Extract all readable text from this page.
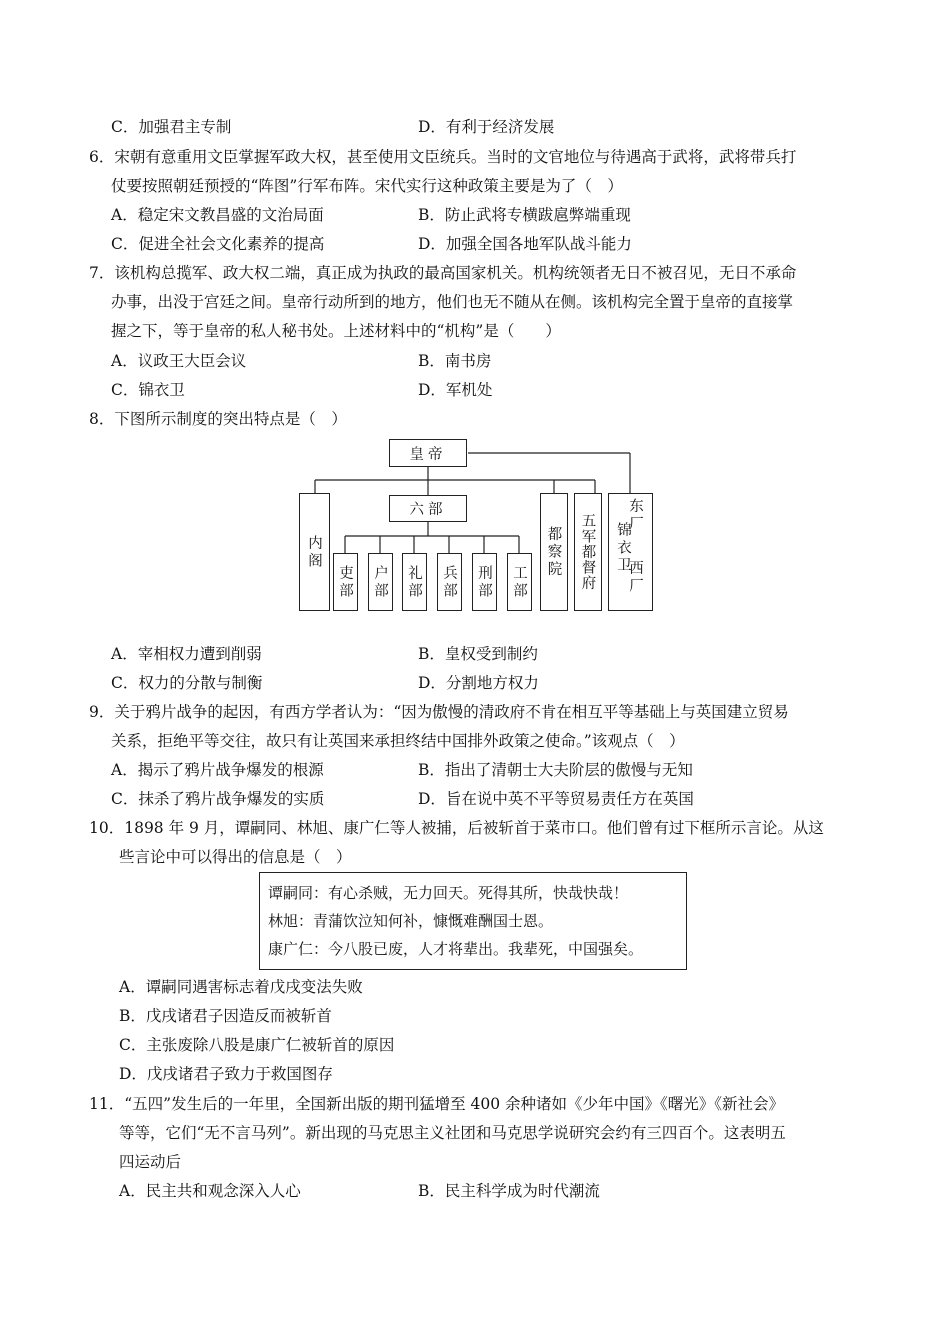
C．加强君主专制	D．有利于经济发展
6．宋朝有意重用文臣掌握军政大权，甚至使用文臣统兵。当时的文官地位与待遇高于武将，武将带兵打
仗要按照朝廷预授的“阵图”行军布阵。宋代实行这种政策主要是为了（　）
A．稳定宋文教昌盛的文治局面	B．防止武将专横跋扈弊端重现
C．促进全社会文化素养的提高	D．加强全国各地军队战斗能力
7．该机构总揽军、政大权二端，真正成为执政的最高国家机关。机构统领者无日不被召见，无日不承命
办事，出没于宫廷之间。皇帝行动所到的地方，他们也无不随从在侧。该机构完全置于皇帝的直接掌
握之下，等于皇帝的私人秘书处。上述材料中的“机构”是（　　）
A．议政王大臣会议	B．南书房
C．锦衣卫	D．军机处
8．下图所示制度的突出特点是（　）
皇帝
六部
内阁
吏部	户部	礼部	兵部	刑部	工部
都察院	五军都督府	东厂
锦衣卫
西厂
A．宰相权力遭到削弱	B．皇权受到制约
C．权力的分散与制衡	D．分割地方权力
9．关于鸦片战争的起因，有西方学者认为：“因为傲慢的清政府不肯在相互平等基础上与英国建立贸易
关系，拒绝平等交往，故只有让英国来承担终结中国排外政策之使命。”该观点（　）
A．揭示了鸦片战争爆发的根源	B．指出了清朝士大夫阶层的傲慢与无知
C．抹杀了鸦片战争爆发的实质	D．旨在说中英不平等贸易责任方在英国
10．1898 年 9 月，谭嗣同、林旭、康广仁等人被捕，后被斩首于菜市口。他们曾有过下框所示言论。从这
些言论中可以得出的信息是（　）
谭嗣同：有心杀贼，无力回天。死得其所，快哉快哉！
林旭：青蒲饮泣知何补，慷慨难酬国士恩。
康广仁：今八股已废，人才将辈出。我辈死，中国强矣。
A．谭嗣同遇害标志着戊戌变法失败
B．戊戌诸君子因造反而被斩首
C．主张废除八股是康广仁被斩首的原因
D．戊戌诸君子致力于救国图存
11．“五四”发生后的一年里，全国新出版的期刊猛增至 400 余种诸如《少年中国》《曙光》《新社会》
等等，它们“无不言马列”。新出现的马克思主义社团和马克思学说研究会约有三四百个。这表明五
四运动后
A．民主共和观念深入人心	B．民主科学成为时代潮流
